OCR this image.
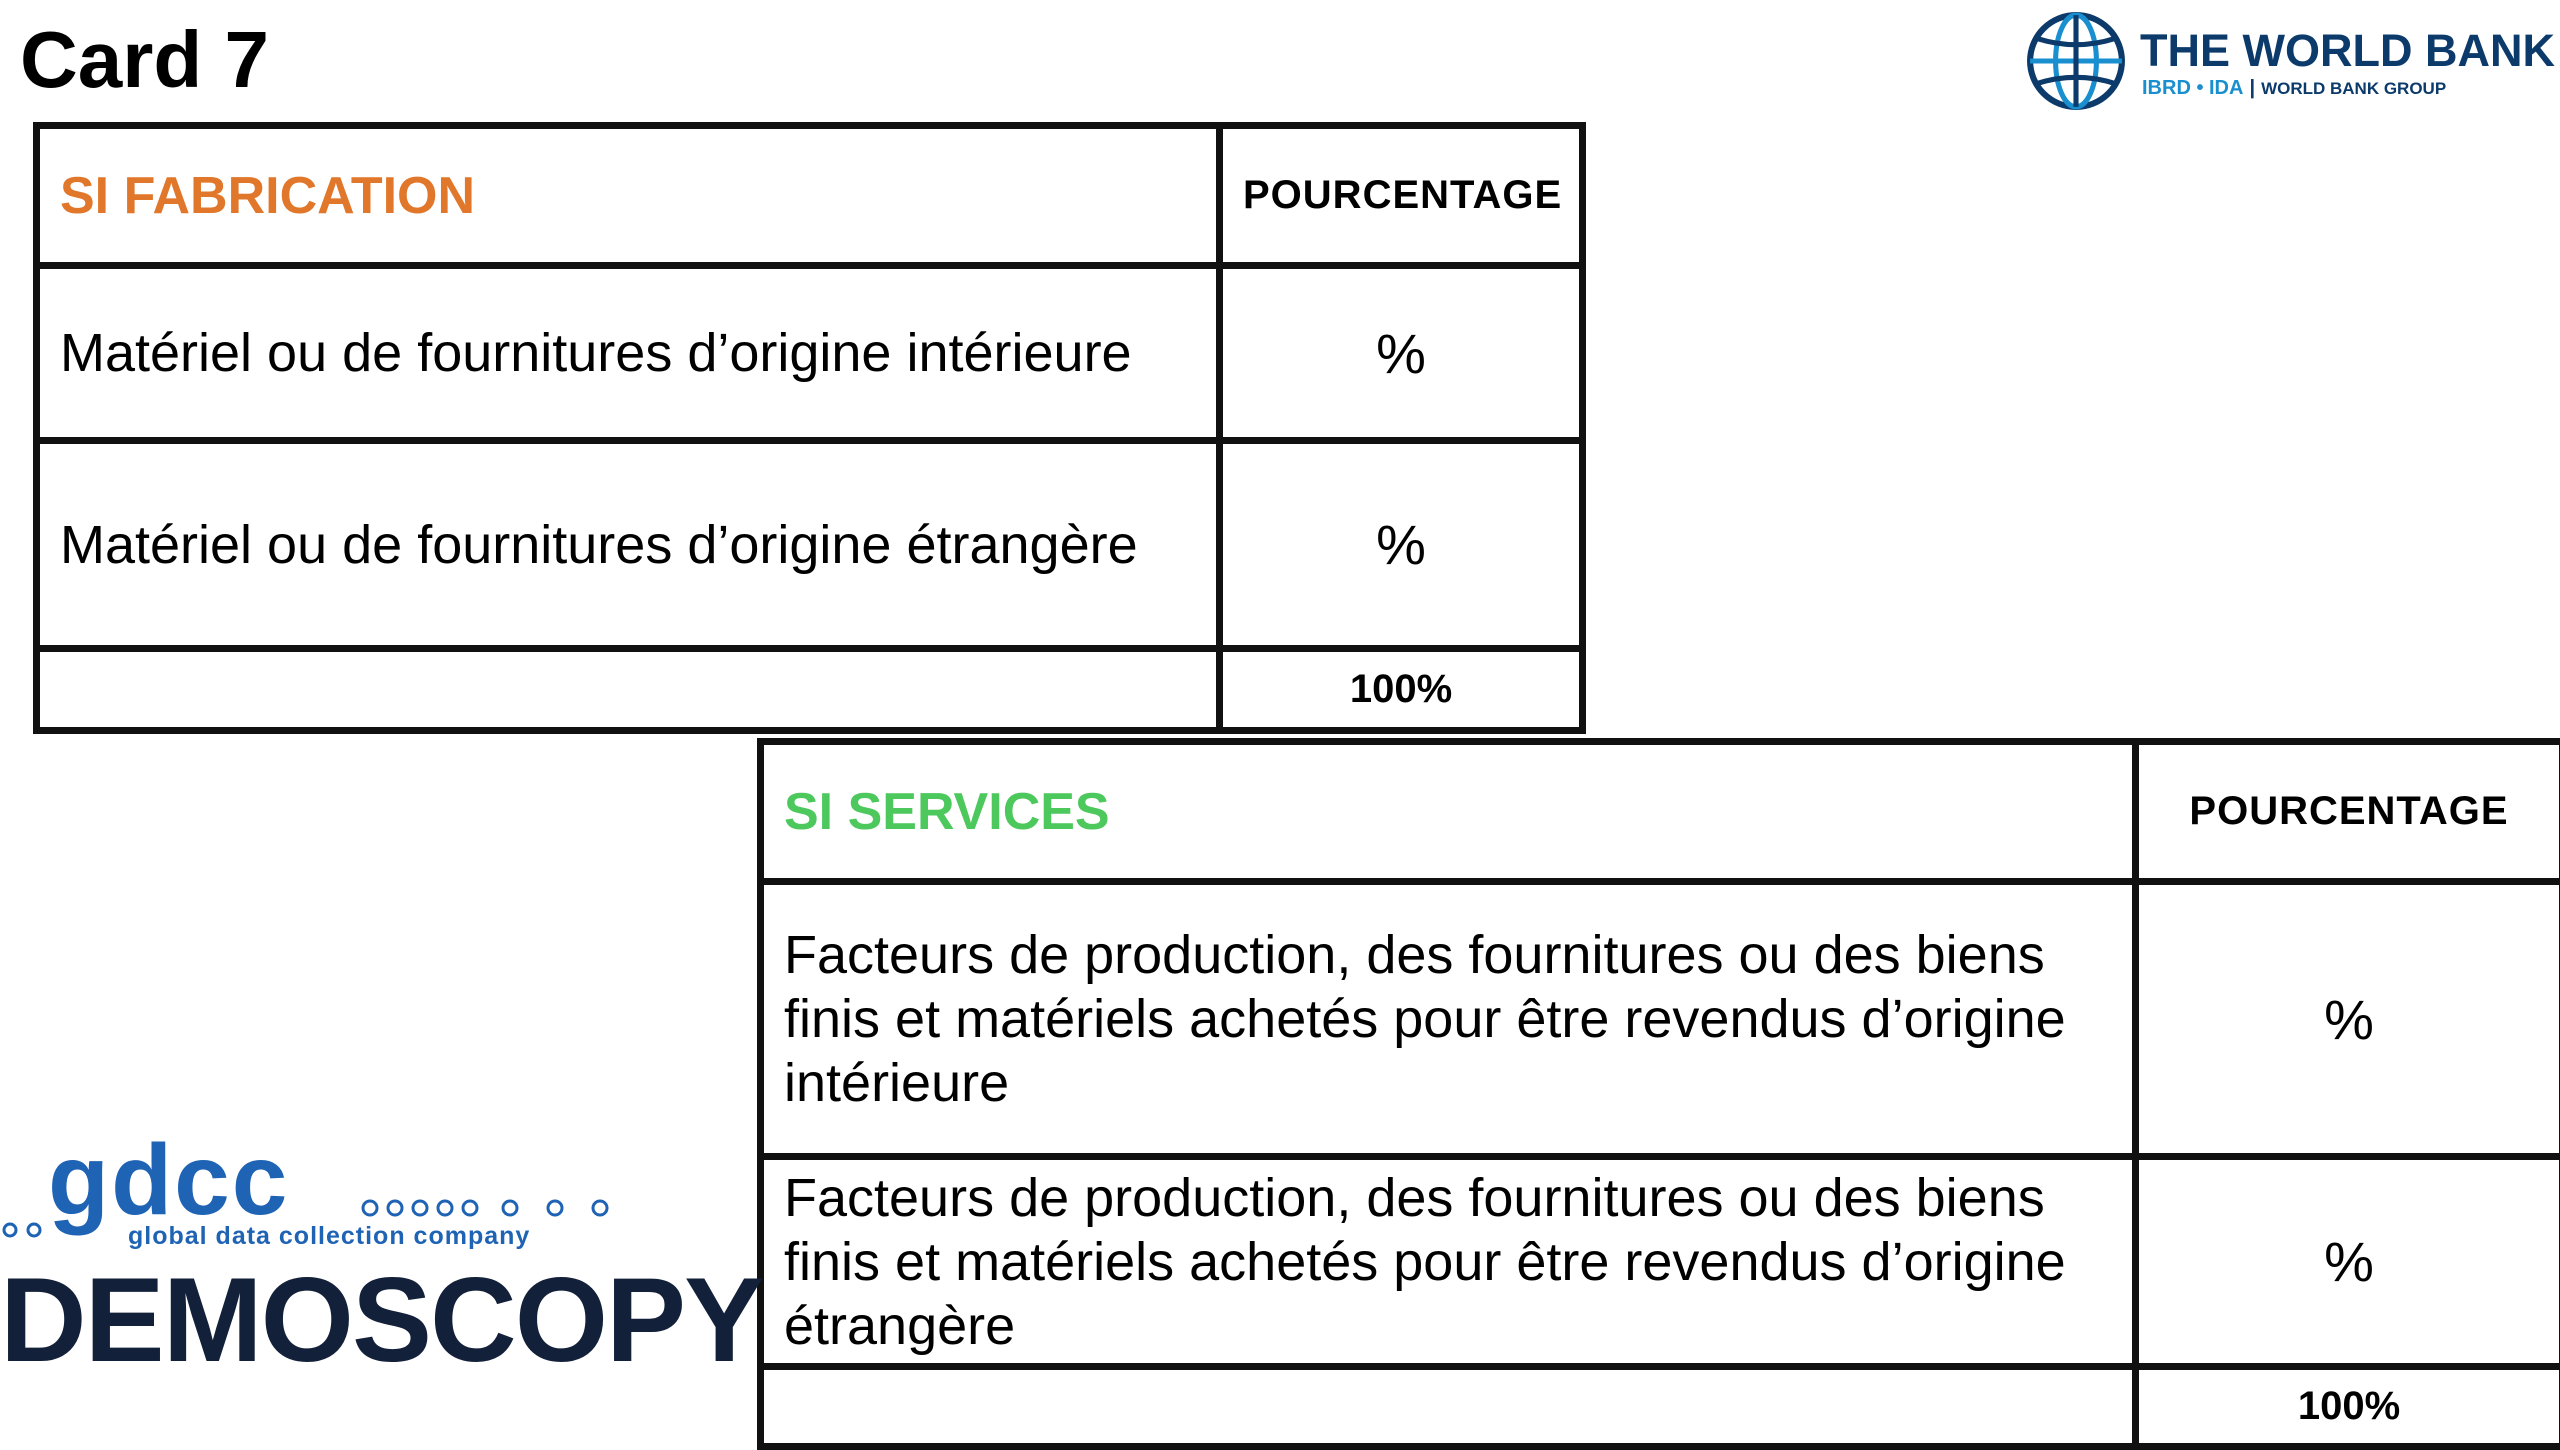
Card 7	THE WORLD BANK
IBRD • IDA | WORLD BANK GROUP
SI FABRICATION	POURCENTAGE
Matériel ou de fournitures d’origine intérieure	%
Matériel ou de fournitures d’origine étrangère	%
	100%
SI SERVICES	POURCENTAGE
Facteurs de production, des fournitures ou des biens finis et matériels achetés pour être revendus d’origine intérieure	%
Facteurs de production, des fournitures ou des biens finis et matériels achetés pour être revendus d’origine étrangère	%
	100%
gdcc
global data collection company
DEMOSCOPY
